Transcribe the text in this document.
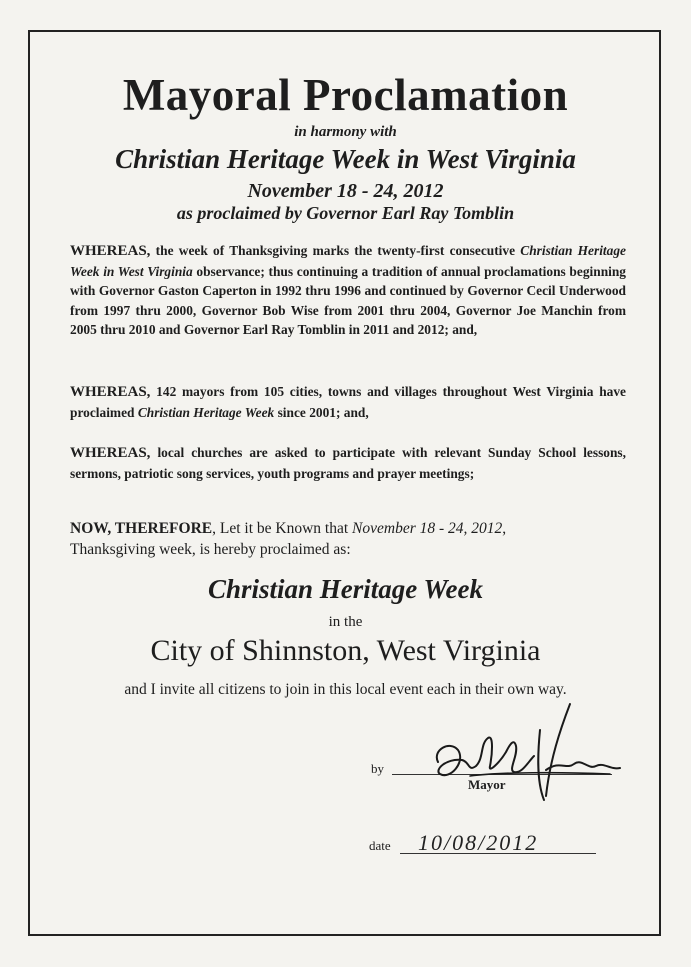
Mayoral Proclamation
in harmony with
Christian Heritage Week in West Virginia
November 18 - 24, 2012
as proclaimed by Governor Earl Ray Tomblin
WHEREAS, the week of Thanksgiving marks the twenty-first consecutive Christian Heritage Week in West Virginia observance; thus continuing a tradition of annual proclamations beginning with Governor Gaston Caperton in 1992 thru 1996 and continued by Governor Cecil Underwood from 1997 thru 2000, Governor Bob Wise from 2001 thru 2004, Governor Joe Manchin from 2005 thru 2010 and Governor Earl Ray Tomblin in 2011 and 2012; and,
WHEREAS, 142 mayors from 105 cities, towns and villages throughout West Virginia have proclaimed Christian Heritage Week since 2001; and,
WHEREAS, local churches are asked to participate with relevant Sunday School lessons, sermons, patriotic song services, youth programs and prayer meetings;
NOW, THEREFORE, Let it be Known that November 18 - 24, 2012,
Thanksgiving week, is hereby proclaimed as:
Christian Heritage Week
in the
City of Shinnston, West Virginia
and I invite all citizens to join in this local event each in their own way.
by
Mayor
date 10/08/2012
